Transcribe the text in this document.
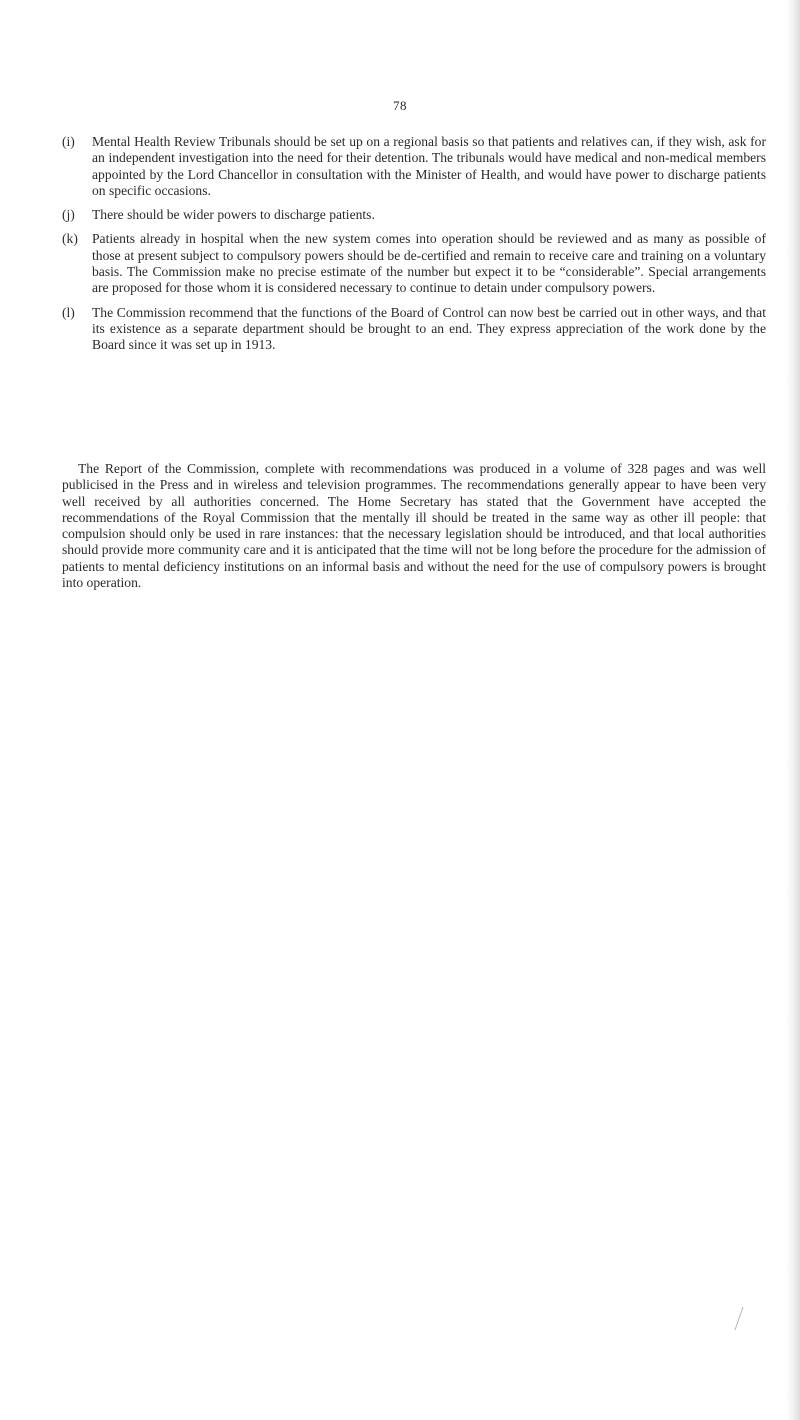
78
(i)	Mental Health Review Tribunals should be set up on a regional basis so that patients and relatives can, if they wish, ask for an independent investigation into the need for their detention. The tribunals would have medical and non-medical members appointed by the Lord Chancellor in consultation with the Minister of Health, and would have power to discharge patients on specific occasions.
(j)	There should be wider powers to discharge patients.
(k)	Patients already in hospital when the new system comes into operation should be reviewed and as many as possible of those at present subject to compulsory powers should be de-certified and remain to receive care and training on a voluntary basis. The Commission make no precise estimate of the number but expect it to be “considerable”. Special arrangements are proposed for those whom it is considered necessary to continue to detain under compulsory powers.
(l)	The Commission recommend that the functions of the Board of Control can now best be carried out in other ways, and that its existence as a separate department should be brought to an end. They express appreciation of the work done by the Board since it was set up in 1913.

The Report of the Commission, complete with recommendations was produced in a volume of 328 pages and was well publicised in the Press and in wireless and television programmes. The recommendations generally appear to have been very well received by all authorities concerned. The Home Secretary has stated that the Government have accepted the recommendations of the Royal Commission that the mentally ill should be treated in the same way as other ill people: that compulsion should only be used in rare instances: that the necessary legislation should be introduced, and that local authorities should provide more community care and it is anticipated that the time will not be long before the procedure for the admission of patients to mental deficiency institutions on an informal basis and without the need for the use of compulsory powers is brought into operation.
